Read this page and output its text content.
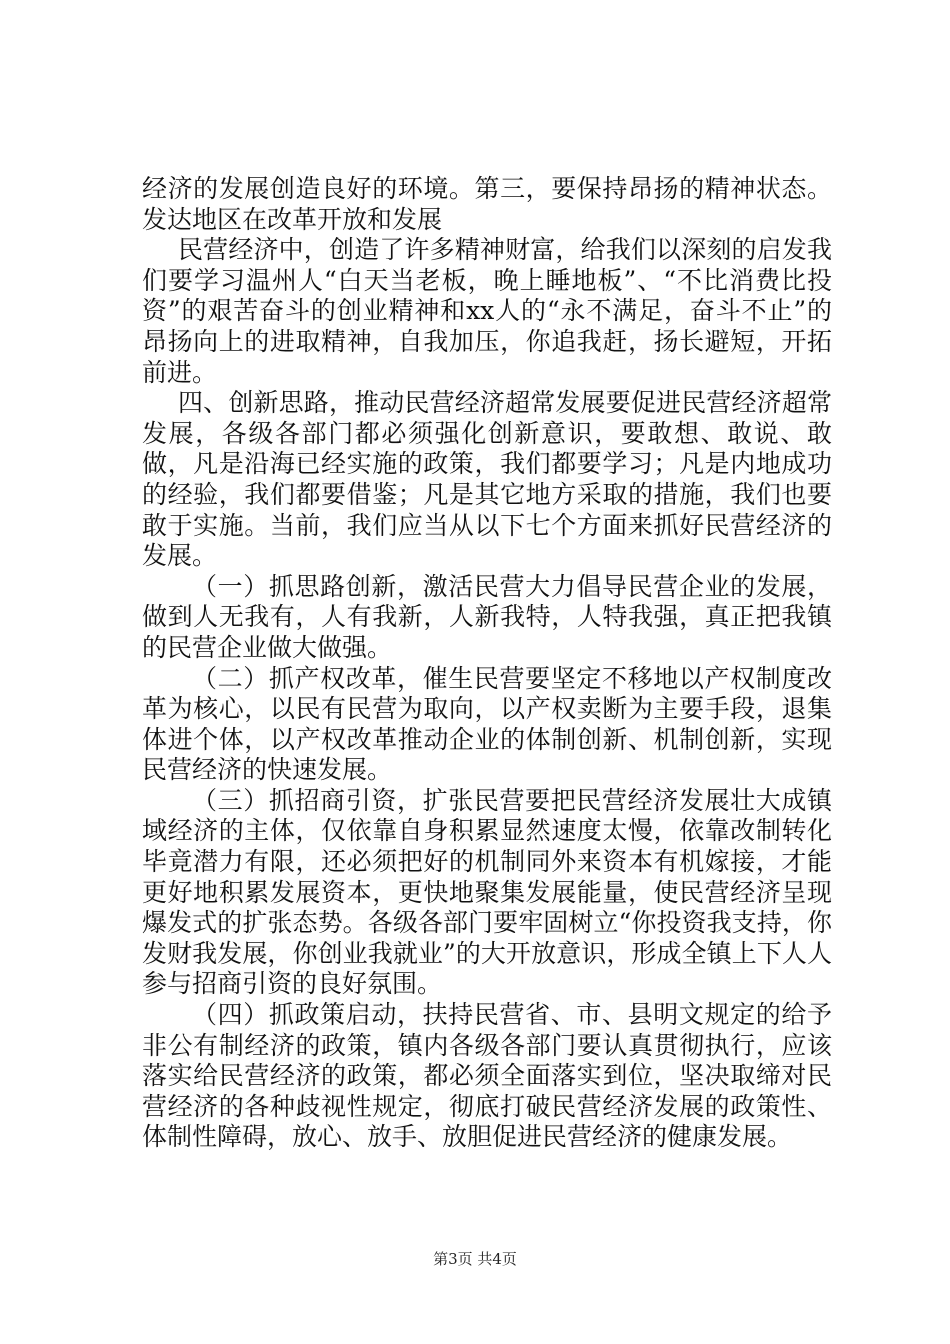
经济的发展创造良好的环境。第三，要保持昂扬的精神状态。发达地区在改革开放和发展

民营经济中，创造了许多精神财富，给我们以深刻的启发我们要学习温州人“白天当老板，晚上睡地板”、“不比消费比投资”的艰苦奋斗的创业精神和xx人的“永不满足，奋斗不止”的昂扬向上的进取精神，自我加压，你追我赶，扬长避短，开拓前进。

四、创新思路，推动民营经济超常发展要促进民营经济超常发展，各级各部门都必须强化创新意识，要敢想、敢说、敢做，凡是沿海已经实施的政策，我们都要学习；凡是内地成功的经验，我们都要借鉴；凡是其它地方采取的措施，我们也要敢于实施。当前，我们应当从以下七个方面来抓好民营经济的发展。

（一）抓思路创新，激活民营大力倡导民营企业的发展，做到人无我有，人有我新，人新我特，人特我强，真正把我镇的民营企业做大做强。

（二）抓产权改革，催生民营要坚定不移地以产权制度改革为核心，以民有民营为取向，以产权卖断为主要手段，退集体进个体，以产权改革推动企业的体制创新、机制创新，实现民营经济的快速发展。

（三）抓招商引资，扩张民营要把民营经济发展壮大成镇域经济的主体，仅依靠自身积累显然速度太慢，依靠改制转化毕竟潜力有限，还必须把好的机制同外来资本有机嫁接，才能更好地积累发展资本，更快地聚集发展能量，使民营经济呈现爆发式的扩张态势。各级各部门要牢固树立“你投资我支持，你发财我发展，你创业我就业”的大开放意识，形成全镇上下人人参与招商引资的良好氛围。

（四）抓政策启动，扶持民营省、市、县明文规定的给予非公有制经济的政策，镇内各级各部门要认真贯彻执行，应该落实给民营经济的政策，都必须全面落实到位，坚决取缔对民营经济的各种歧视性规定，彻底打破民营经济发展的政策性、体制性障碍，放心、放手、放胆促进民营经济的健康发展。

第3页 共4页
